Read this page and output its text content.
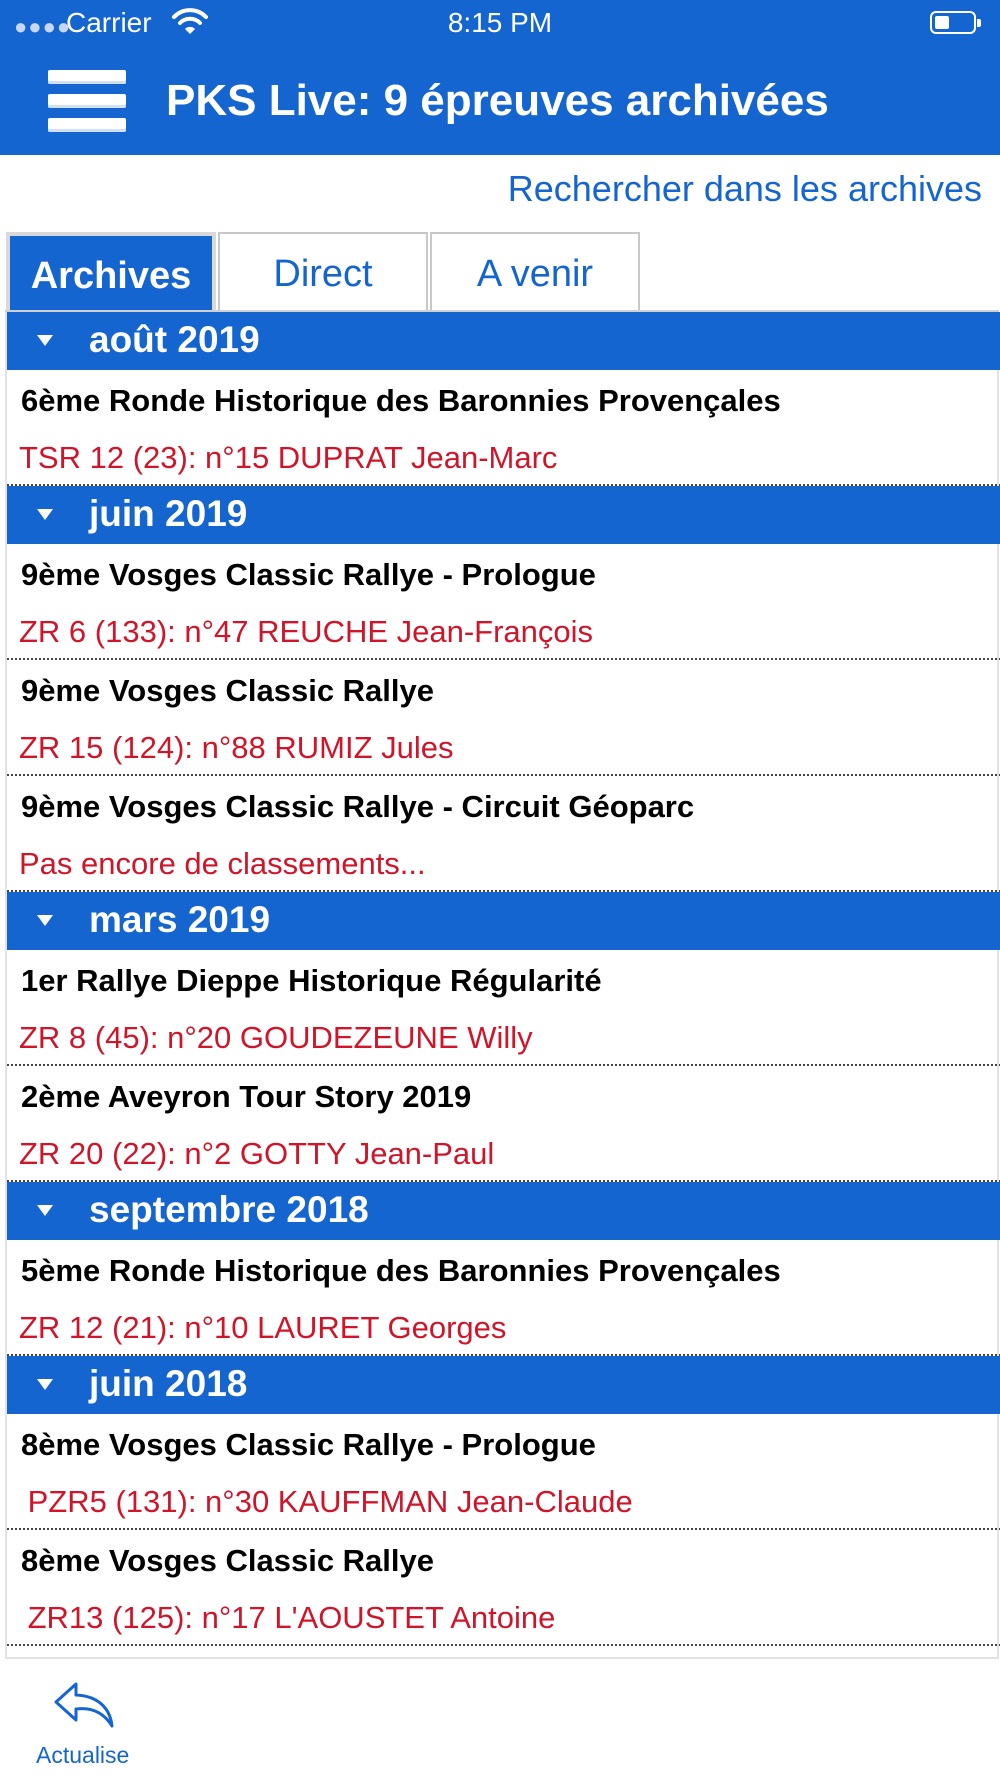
●●●●
Carrier	8:15 PM
PKS Live: 9 épreuves archivées
Rechercher dans les archives
Archives	Direct	A venir
août 2019
6ème Ronde Historique des Baronnies Provençales
TSR 12 (23): n°15 DUPRAT Jean-Marc
juin 2019
9ème Vosges Classic Rallye - Prologue
ZR 6 (133): n°47 REUCHE Jean-François
9ème Vosges Classic Rallye
ZR 15 (124): n°88 RUMIZ Jules
9ème Vosges Classic Rallye - Circuit Géoparc
Pas encore de classements...
mars 2019
1er Rallye Dieppe Historique Régularité
ZR 8 (45): n°20 GOUDEZEUNE Willy
2ème Aveyron Tour Story 2019
ZR 20 (22): n°2 GOTTY Jean-Paul
septembre 2018
5ème Ronde Historique des Baronnies Provençales
ZR 12 (21): n°10 LAURET Georges
juin 2018
8ème Vosges Classic Rallye - Prologue
PZR5 (131): n°30 KAUFFMAN Jean-Claude
8ème Vosges Classic Rallye
ZR13 (125): n°17 L'AOUSTET Antoine
Actualise
